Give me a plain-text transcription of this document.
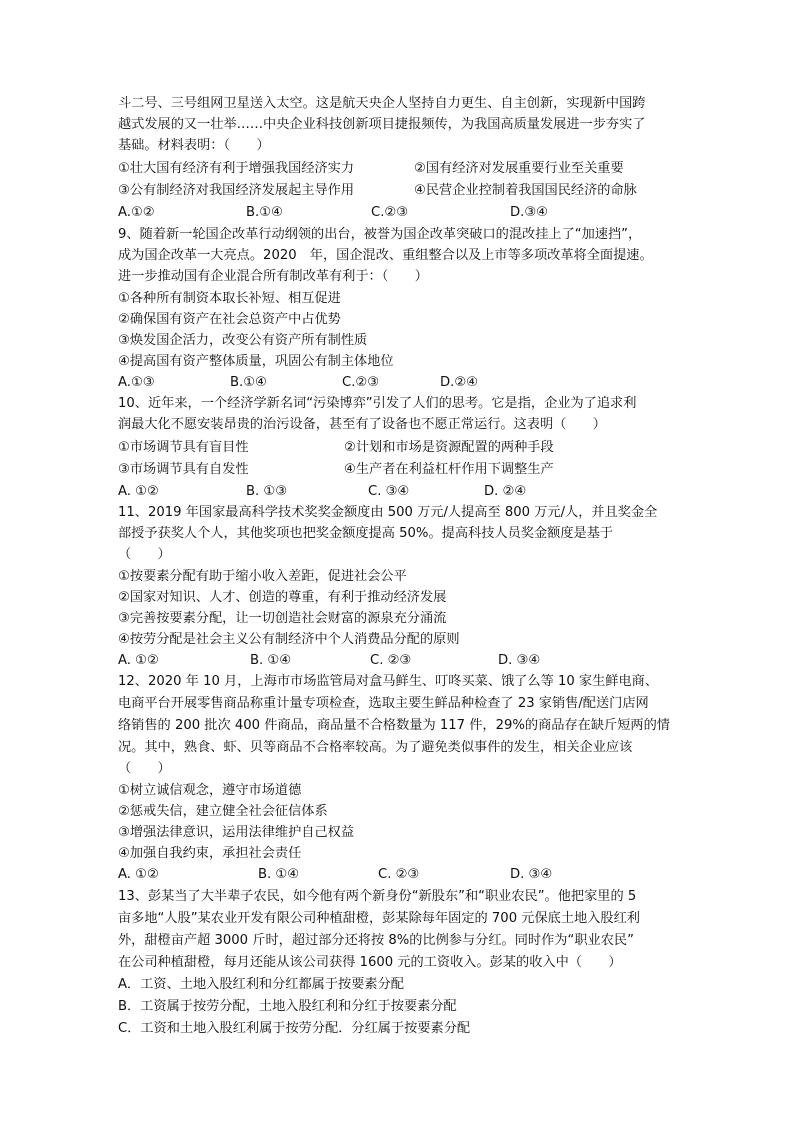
斗二号、三号组网卫星送入太空。这是航天央企人坚持自力更生、自主创新，实现新中国跨
越式发展的又一壮举……中央企业科技创新项目捷报频传，为我国高质量发展进一步夯实了
基础。材料表明：（　　）
①壮大国有经济有利于增强我国经济实力	②国有经济对发展重要行业至关重要
③公有制经济对我国经济发展起主导作用	④民营企业控制着我国国民经济的命脉
A.①②	B.①④	C.②③	D.③④
9、随着新一轮国企改革行动纲领的出台，被誉为国企改革突破口的混改挂上了“加速挡”，
成为国企改革一大亮点。2020　年，国企混改、重组整合以及上市等多项改革将全面提速。
进一步推动国有企业混合所有制改革有利于：（　　）
①各种所有制资本取长补短、相互促进
②确保国有资产在社会总资产中占优势
③焕发国企活力，改变公有资产所有制性质
④提高国有资产整体质量，巩固公有制主体地位
A.①③	B.①④	C.②③	D.②④
10、近年来，一个经济学新名词“污染博弈”引发了人们的思考。它是指，企业为了追求利
润最大化不愿安装昂贵的治污设备，甚至有了设备也不愿正常运行。这表明（　　）
①市场调节具有盲目性	②计划和市场是资源配置的两种手段
③市场调节具有自发性	④生产者在利益杠杆作用下调整生产
A. ①②	B. ①③	C. ③④	D. ②④
11、2019 年国家最高科学技术奖奖金额度由 500 万元/人提高至 800 万元/人，并且奖金全
部授予获奖人个人，其他奖项也把奖金额度提高 50%。提高科技人员奖金额度是基于
（　　）
①按要素分配有助于缩小收入差距，促进社会公平
②国家对知识、人才、创造的尊重，有利于推动经济发展
③完善按要素分配，让一切创造社会财富的源泉充分涌流
④按劳分配是社会主义公有制经济中个人消费品分配的原则
A. ①②	B. ①④	C. ②③	D. ③④
12、2020 年 10 月，上海市市场监管局对盒马鲜生、叮咚买菜、饿了么等 10 家生鲜电商、
电商平台开展零售商品称重计量专项检查，选取主要生鲜品种检查了 23 家销售/配送门店网
络销售的 200 批次 400 件商品，商品量不合格数量为 117 件，29%的商品存在缺斤短两的情
况。其中，熟食、虾、贝等商品不合格率较高。为了避免类似事件的发生，相关企业应该
（　　）
①树立诚信观念，遵守市场道德
②惩戒失信，建立健全社会征信体系
③增强法律意识，运用法律维护自己权益
④加强自我约束，承担社会责任
A. ①②	B. ①④	C. ②③	D. ③④
13、彭某当了大半辈子农民，如今他有两个新身份“新股东”和“职业农民”。他把家里的 5
亩多地“人股”某农业开发有限公司种植甜橙，彭某除每年固定的 700 元保底土地入股红利
外，甜橙亩产超 3000 斤时，超过部分还将按 8%的比例参与分红。同时作为“职业农民”
在公司种植甜橙，每月还能从该公司获得 1600 元的工资收入。彭某的收入中（　　）
A．工资、土地入股红利和分红都属于按要素分配
B．工资属于按劳分配，土地入股红利和分红于按要素分配
C．工资和土地入股红利属于按劳分配．分红属于按要素分配
